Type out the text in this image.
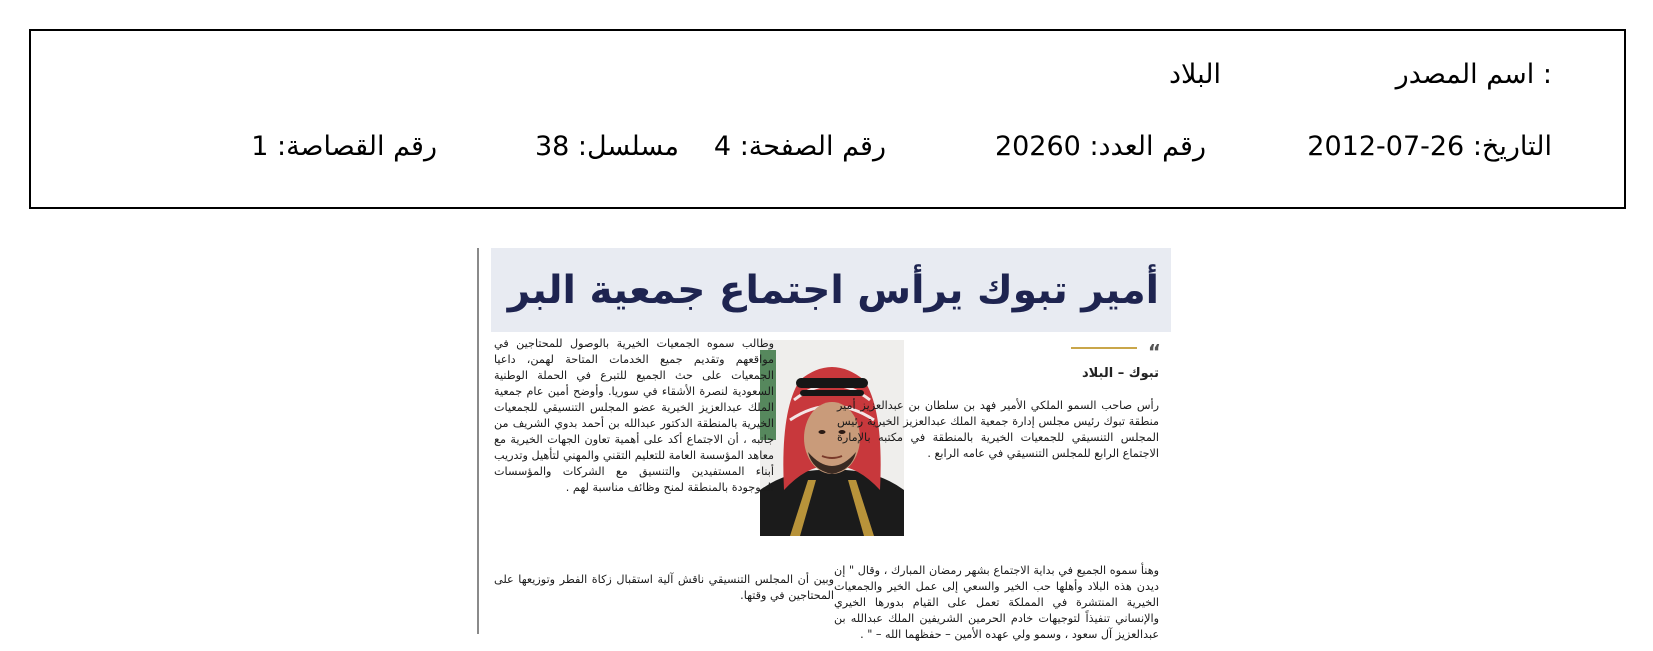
اسم المصدر :
البلاد
التاريخ: 26-07-2012
رقم العدد: 20260
رقم الصفحة: 4
مسلسل: 38
رقم القصاصة: 1
أمير تبوك يرأس اجتماع جمعية البر
“
تبوك – البلاد

رأس صاحب السمو الملكي الأمير فهد بن سلطان بن عبدالعزيز أمير منطقة تبوك رئيس مجلس إدارة جمعية الملك عبدالعزيز الخيرية رئيس المجلس التنسيقي للجمعيات الخيرية بالمنطقة في مكتبه بالإمارة الاجتماع الرابع للمجلس التنسيقي في عامه الرابع .

وهنأ سموه الجميع في بداية الاجتماع بشهر رمضان المبارك ، وقال " إن ديدن هذه البلاد وأهلها حب الخير والسعي إلى عمل الخير والجمعيات الخيرية المنتشرة في المملكة تعمل على القيام بدورها الخيري والإنساني تنفيذاً لتوجيهات خادم الحرمين الشريفين الملك عبدالله بن عبدالعزيز آل سعود ، وسمو ولي عهده الأمين – حفظهما الله – " .

وطالب سموه الجمعيات الخيرية بالوصول للمحتاجين في مواقعهم وتقديم جميع الخدمات المتاحة لهمن، داعيا الجمعيات على حث الجميع للتبرع في الحملة الوطنية السعودية لنصرة الأشقاء في سوريا. وأوضح أمين عام جمعية الملك عبدالعزيز الخيرية عضو المجلس التنسيقي للجمعيات الخيرية بالمنطقة الدكتور عبدالله بن أحمد بدوي الشريف من جانبه ، أن الاجتماع أكد على أهمية تعاون الجهات الخيرية مع معاهد المؤسسة العامة للتعليم التقني والمهني لتأهيل وتدريب أبناء المستفيدين والتنسيق مع الشركات والمؤسسات الموجودة بالمنطقة لمنح وظائف مناسبة لهم .

وبين أن المجلس التنسيقي ناقش آلية استقبال زكاة الفطر وتوزيعها على المحتاجين في وقتها.
